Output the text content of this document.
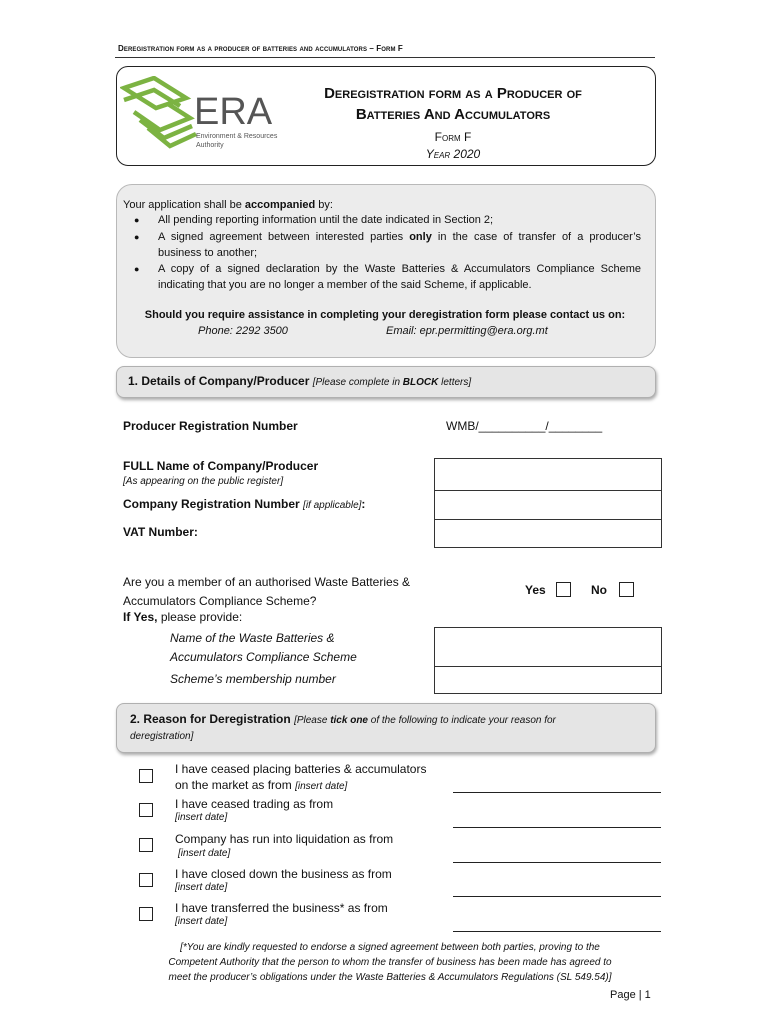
Deregistration form as a producer of batteries and accumulators – Form F
ERA
Environment & Resources
Authority
Deregistration form as a Producer of
Batteries And Accumulators
Form F
Year 2020
Your application shall be accompanied by:
● All pending reporting information until the date indicated in Section 2;
● A signed agreement between interested parties only in the case of transfer of a producer’s business to another;
● A copy of a signed declaration by the Waste Batteries & Accumulators Compliance Scheme indicating that you are no longer a member of the said Scheme, if applicable.
Should you require assistance in completing your deregistration form please contact us on:
Phone: 2292 3500	Email: epr.permitting@era.org.mt
1. Details of Company/Producer [Please complete in BLOCK letters]
Producer Registration Number	WMB/__________/________
FULL Name of Company/Producer
[As appearing on the public register]
Company Registration Number [if applicable]:
VAT Number:
Are you a member of an authorised Waste Batteries &
Accumulators Compliance Scheme?
Yes	No
If Yes, please provide:
Name of the Waste Batteries &
Accumulators Compliance Scheme
Scheme’s membership number
2. Reason for Deregistration [Please tick one of the following to indicate your reason for
deregistration]
I have ceased placing batteries & accumulators
on the market as from [insert date]
I have ceased trading as from
[insert date]
Company has run into liquidation as from
[insert date]
I have closed down the business as from
[insert date]
I have transferred the business* as from
[insert date]
[*You are kindly requested to endorse a signed agreement between both parties, proving to the
Competent Authority that the person to whom the transfer of business has been made has agreed to
meet the producer’s obligations under the Waste Batteries & Accumulators Regulations (SL 549.54)]
Page | 1
